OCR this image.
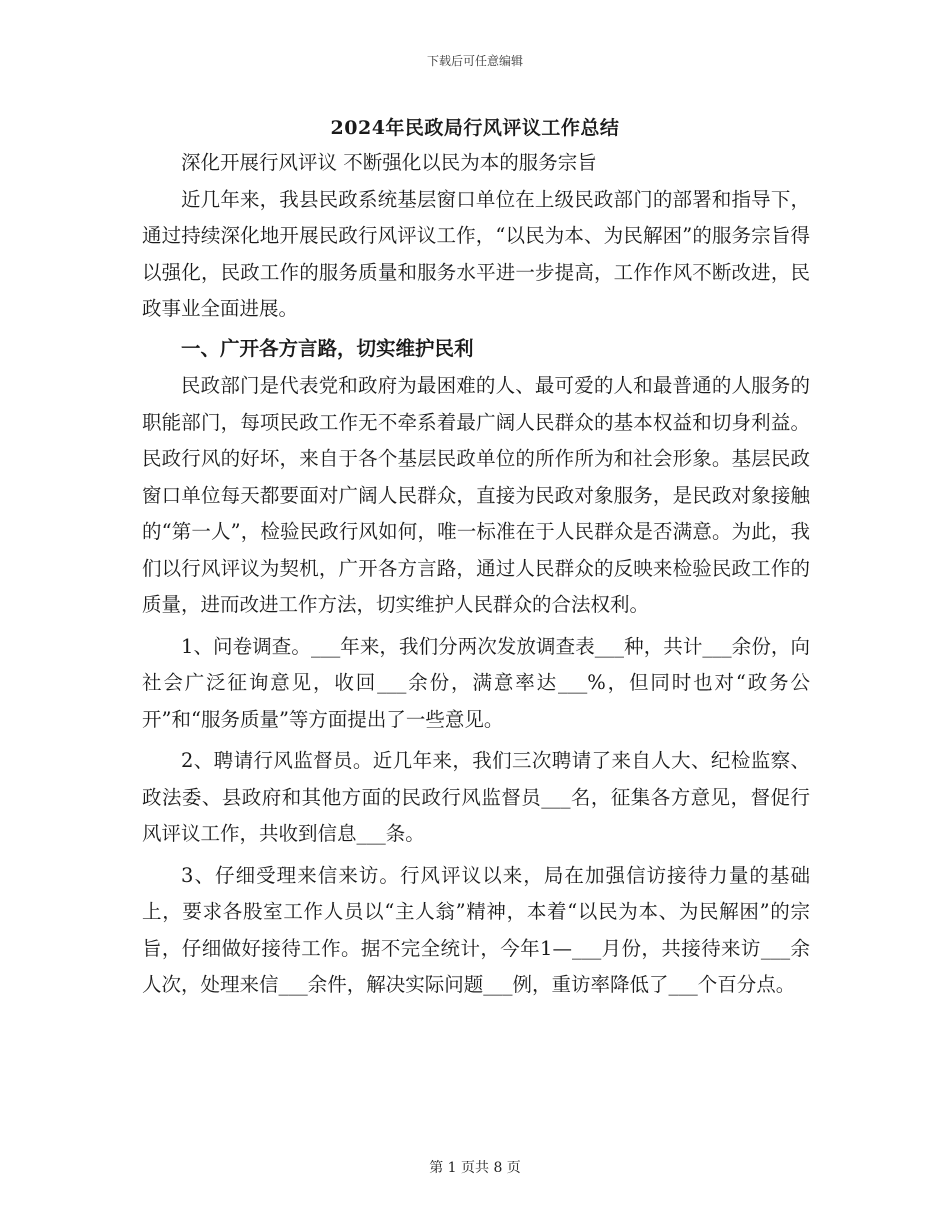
下载后可任意编辑
2024年民政局行风评议工作总结

深化开展行风评议 不断强化以民为本的服务宗旨

近几年来，我县民政系统基层窗口单位在上级民政部门的部署和指导下，通过持续深化地开展民政行风评议工作，“以民为本、为民解困”的服务宗旨得以强化，民政工作的服务质量和服务水平进一步提高，工作作风不断改进，民政事业全面进展。

一、广开各方言路，切实维护民利

民政部门是代表党和政府为最困难的人、最可爱的人和最普通的人服务的职能部门，每项民政工作无不牵系着最广阔人民群众的基本权益和切身利益。民政行风的好坏，来自于各个基层民政单位的所作所为和社会形象。基层民政窗口单位每天都要面对广阔人民群众，直接为民政对象服务，是民政对象接触的“第一人”，检验民政行风如何，唯一标准在于人民群众是否满意。为此，我们以行风评议为契机，广开各方言路，通过人民群众的反映来检验民政工作的质量，进而改进工作方法，切实维护人民群众的合法权利。

1、问卷调查。___年来，我们分两次发放调查表___种，共计___余份，向社会广泛征询意见，收回___余份，满意率达___%，但同时也对“政务公开”和“服务质量”等方面提出了一些意见。

2、聘请行风监督员。近几年来，我们三次聘请了来自人大、纪检监察、政法委、县政府和其他方面的民政行风监督员___名，征集各方意见，督促行风评议工作，共收到信息___条。

3、仔细受理来信来访。行风评议以来，局在加强信访接待力量的基础上，要求各股室工作人员以“主人翁”精神，本着“以民为本、为民解困”的宗旨，仔细做好接待工作。据不完全统计，今年1—___月份，共接待来访___余人次，处理来信___余件，解决实际问题___例，重访率降低了___个百分点。

第 1 页共 8 页
